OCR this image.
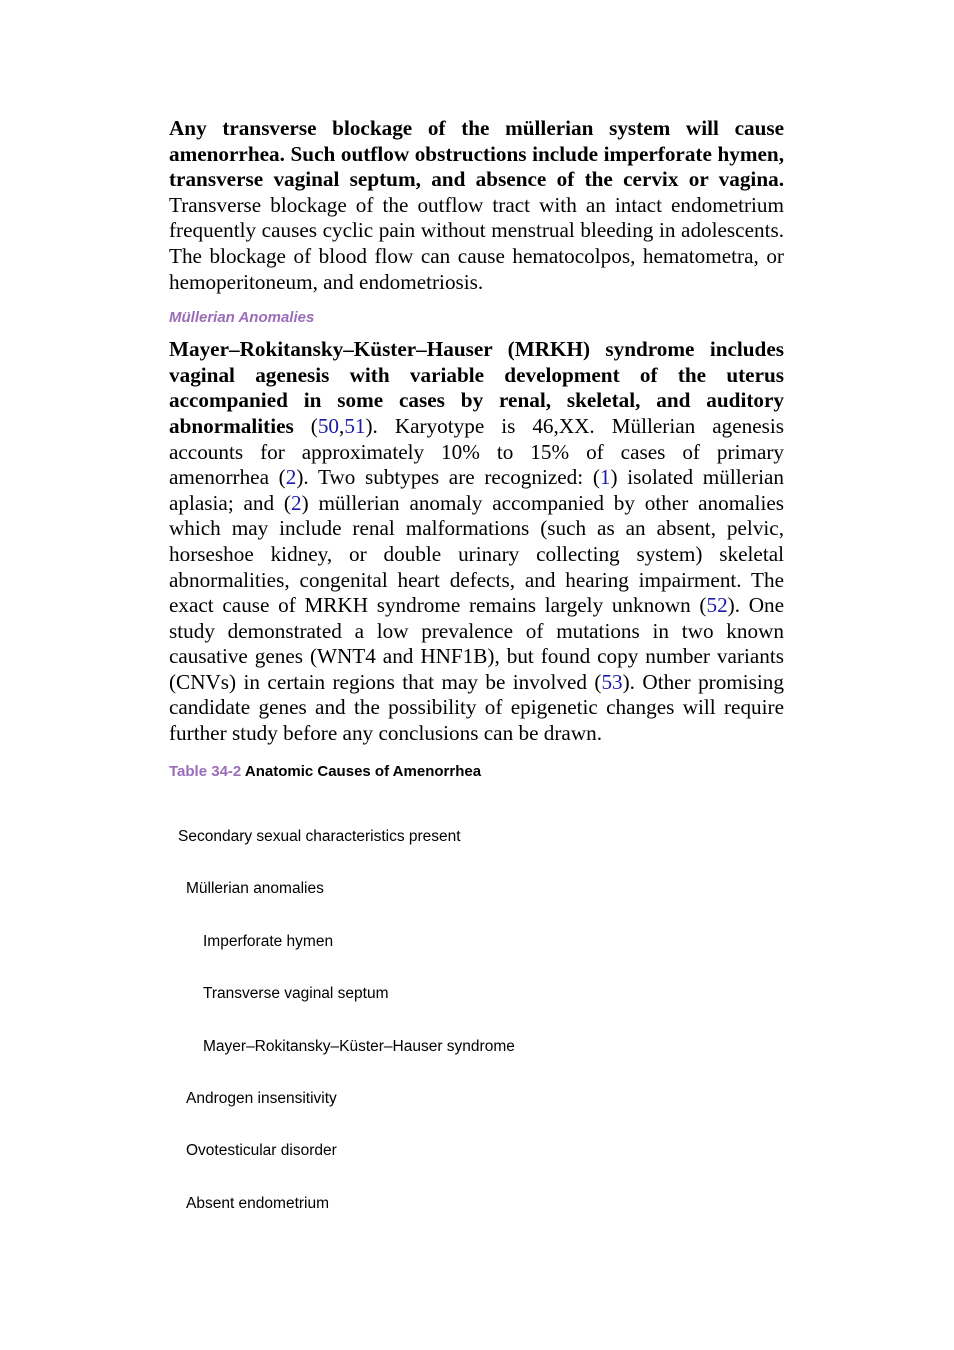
Any transverse blockage of the müllerian system will cause amenorrhea. Such outflow obstructions include imperforate hymen, transverse vaginal septum, and absence of the cervix or vagina. Transverse blockage of the outflow tract with an intact endometrium frequently causes cyclic pain without menstrual bleeding in adolescents. The blockage of blood flow can cause hematocolpos, hematometra, or hemoperitoneum, and endometriosis.

Müllerian Anomalies

Mayer–Rokitansky–Küster–Hauser (MRKH) syndrome includes vaginal agenesis with variable development of the uterus accompanied in some cases by renal, skeletal, and auditory abnormalities (50,51). Karyotype is 46,XX. Müllerian agenesis accounts for approximately 10% to 15% of cases of primary amenorrhea (2). Two subtypes are recognized: (1) isolated müllerian aplasia; and (2) müllerian anomaly accompanied by other anomalies which may include renal malformations (such as an absent, pelvic, horseshoe kidney, or double urinary collecting system) skeletal abnormalities, congenital heart defects, and hearing impairment. The exact cause of MRKH syndrome remains largely unknown (52). One study demonstrated a low prevalence of mutations in two known causative genes (WNT4 and HNF1B), but found copy number variants (CNVs) in certain regions that may be involved (53). Other promising candidate genes and the possibility of epigenetic changes will require further study before any conclusions can be drawn.

Table 34-2 Anatomic Causes of Amenorrhea
Secondary sexual characteristics present
Müllerian anomalies
Imperforate hymen
Transverse vaginal septum
Mayer–Rokitansky–Küster–Hauser syndrome
Androgen insensitivity
Ovotesticular disorder
Absent endometrium
